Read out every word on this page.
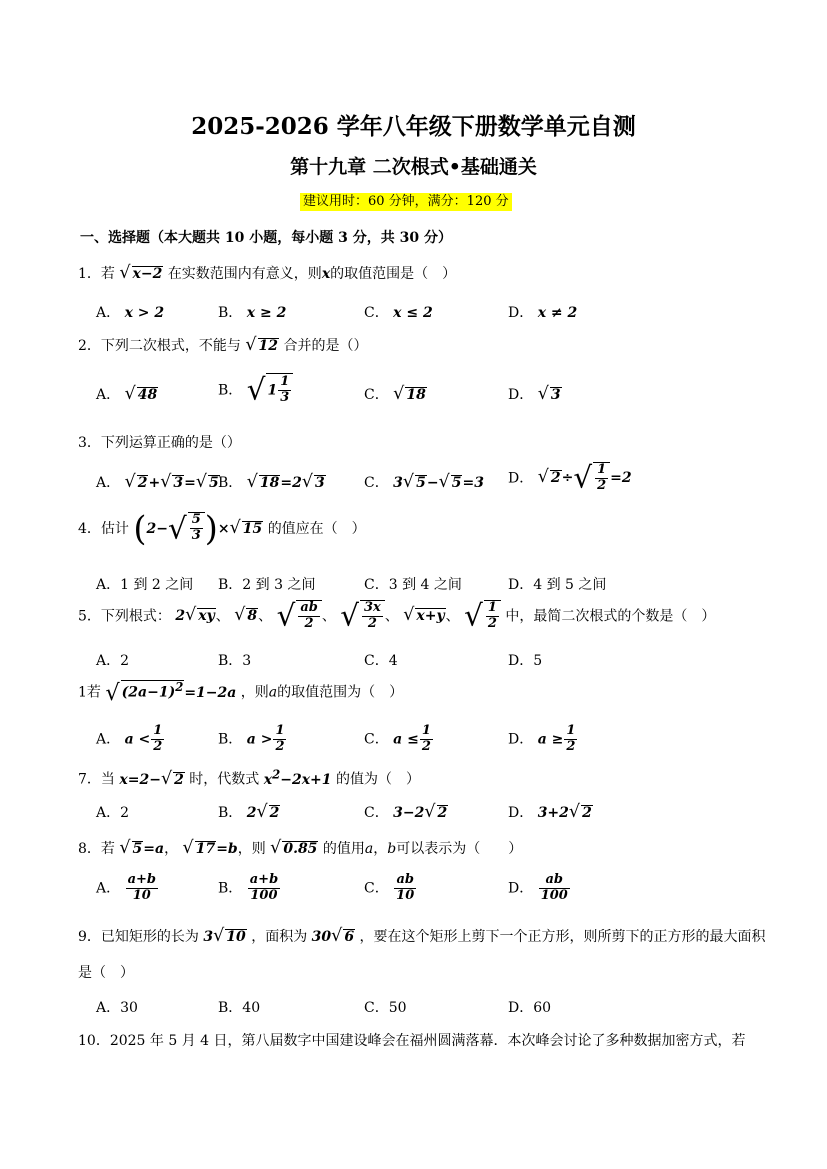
2025-2026 学年八年级下册数学单元自测
第十九章 二次根式•基础通关
建议用时：60 分钟，满分：120 分
一、选择题（本大题共 10 小题，每小题 3 分，共 30 分）
1．若 √ x−2 在实数范围内有意义，则x的取值范围是（　）
A． x > 2	B． x ≥ 2	C． x ≤ 2	D． x ≠ 2
2．下列二次根式，不能与 √ 12 合并的是（）
A． √ 48	B． √ $1 \frac{1}{3}$	C． √ 18	D． √ 3
3．下列运算正确的是（）
A． √ 2+√ 3=√ 5 B． √ 18=2√ 3	C． 3√ 5−√ 5=3 D． √ $2\div√ \frac{1}{2} =2$
4．估计 ($2-√ \frac{5}{3}$ )×√ 15 的值应在（　）
A．1 到 2 之间 B．2 到 3 之间	C．3 到 4 之间	D．4 到 5 之间
5．下列根式： 2√ xy、 √ 8、 √ $\frac{ab}{2}$ 、 √ $\frac{3x}{2}$ 、 √ x+y、 √ $\frac{1}{2}$ 中，最简二次根式的个数是（　）
A．2	B．3	C．4	D．5
1若 √ $(2a-1)^2=1-2a$ ，则a的取值范围为（　）
A． $a < \frac{1}{2}$	B． $a > \frac{1}{2}$	C． $a \le \frac{1}{2}$	D． $a \ge \frac{1}{2}$
7．当 x=2−√ 2 时，代数式 $x^2-2x+1$ 的值为（　）
A．2	B． 2√ 2	C． 3−2√ 2	D． 3+2√ 2
8．若 √ 5=a， √ 17=b，则 √ 0.85 的值用a，b可以表示为（　　）
A． $\frac{a+b}{10}$	B． $\frac{a+b}{100}$	C． $\frac{ab}{10}$	D． $\frac{ab}{100}$
9．已知矩形的长为 3√ 10 ，面积为 30√ 6 ，要在这个矩形上剪下一个正方形，则所剪下的正方形的最大面积
是（　）
A．30	B．40	C．50	D．60
10．2025 年 5 月 4 日，第八届数字中国建设峰会在福州圆满落幕．本次峰会讨论了多种数据加密方式，若
